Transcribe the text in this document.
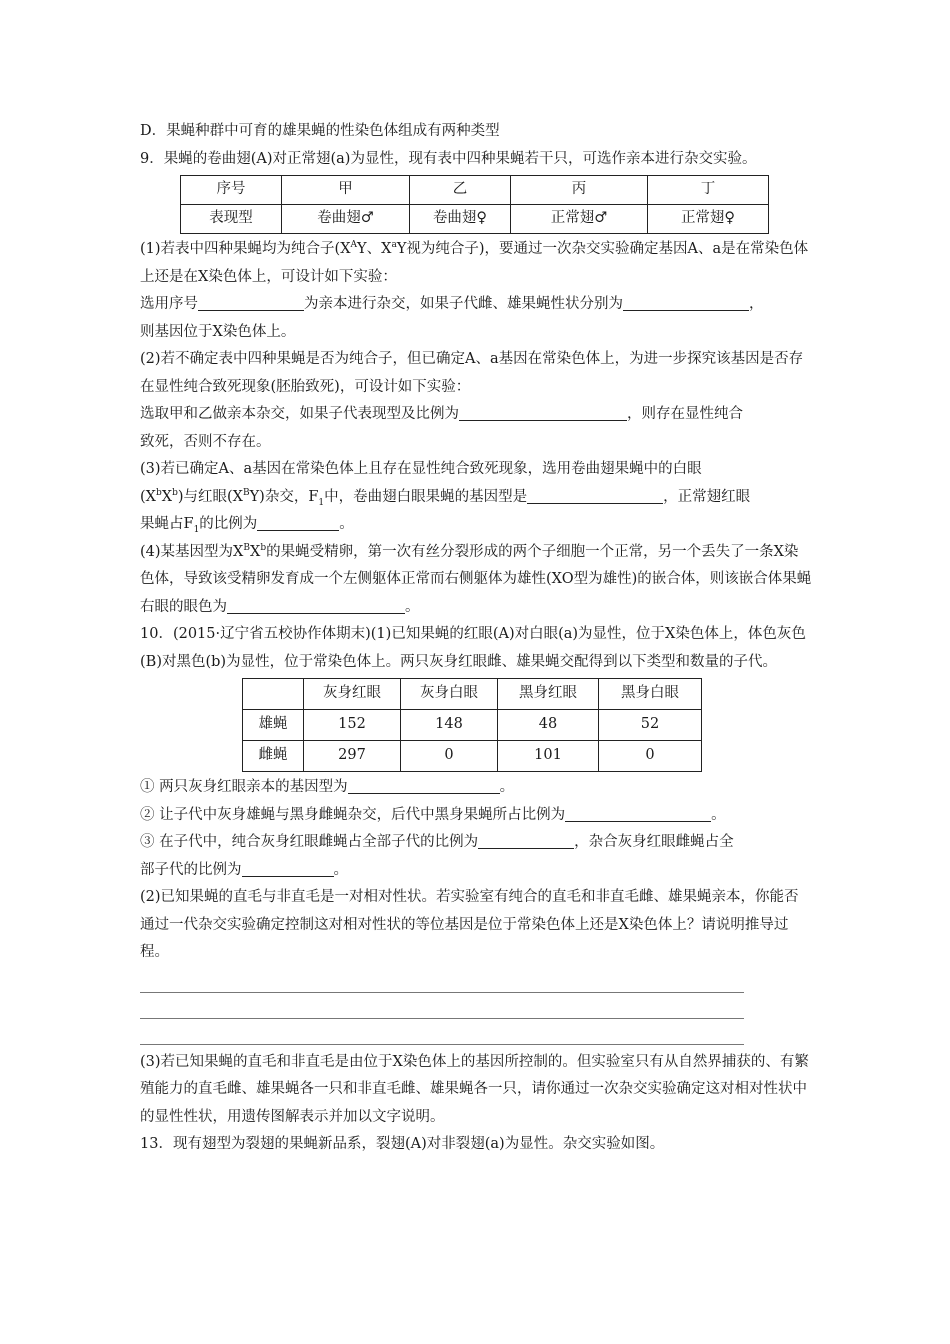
D．果蝇种群中可育的雄果蝇的性染色体组成有两种类型

9．果蝇的卷曲翅(A)对正常翅(a)为显性，现有表中四种果蝇若干只，可选作亲本进行杂交实验。

序号	甲	乙	丙	丁
表现型	卷曲翅♂	卷曲翅♀	正常翅♂	正常翅♀

(1)若表中四种果蝇均为纯合子($X^AY$、$X^aY$视为纯合子)，要通过一次杂交实验确定基因A、a是在常染色体上还是在X染色体上，可设计如下实验：

选用序号	为亲本进行杂交，如果子代雌、雄果蝇性状分别为	，

则基因位于X染色体上。

(2)若不确定表中四种果蝇是否为纯合子，但已确定A、a基因在常染色体上，为进一步探究该基因是否存在显性纯合致死现象(胚胎致死)，可设计如下实验：

选取甲和乙做亲本杂交，如果子代表现型及比例为	，则存在显性纯合

致死，否则不存在。

(3)若已确定A、a基因在常染色体上且存在显性纯合致死现象，选用卷曲翅果蝇中的白眼
$(X^bX^b)$与红眼$(X^BY)$杂交，$F_1$中，卷曲翅白眼果蝇的基因型是	，正常翅红眼
果蝇占$F_1$的比例为	。

(4)某基因型为$X^BX^b$的果蝇受精卵，第一次有丝分裂形成的两个子细胞一个正常，另一个丢失了一条X染色体，导致该受精卵发育成一个左侧躯体正常而右侧躯体为雄性(XO型为雄性)的嵌合体，则该嵌合体果蝇右眼的眼色为	。

10．(2015·辽宁省五校协作体期末)(1)已知果蝇的红眼(A)对白眼(a)为显性，位于X染色体上，体色灰色(B)对黑色(b)为显性，位于常染色体上。两只灰身红眼雌、雄果蝇交配得到以下类型和数量的子代。

	灰身红眼	灰身白眼	黑身红眼	黑身白眼
雄蝇	152	148	48	52
雌蝇	297	0	101	0

① 两只灰身红眼亲本的基因型为	。

② 让子代中灰身雄蝇与黑身雌蝇杂交，后代中黑身果蝇所占比例为	。

③ 在子代中，纯合灰身红眼雌蝇占全部子代的比例为	，杂合灰身红眼雌蝇占全
部子代的比例为	。

(2)已知果蝇的直毛与非直毛是一对相对性状。若实验室有纯合的直毛和非直毛雌、雄果蝇亲本，你能否通过一代杂交实验确定控制这对相对性状的等位基因是位于常染色体上还是X染色体上？请说明推导过程。

(3)若已知果蝇的直毛和非直毛是由位于X染色体上的基因所控制的。但实验室只有从自然界捕获的、有繁殖能力的直毛雌、雄果蝇各一只和非直毛雌、雄果蝇各一只，请你通过一次杂交实验确定这对相对性状中的显性性状，用遗传图解表示并加以文字说明。

13．现有翅型为裂翅的果蝇新品系，裂翅(A)对非裂翅(a)为显性。杂交实验如图。
